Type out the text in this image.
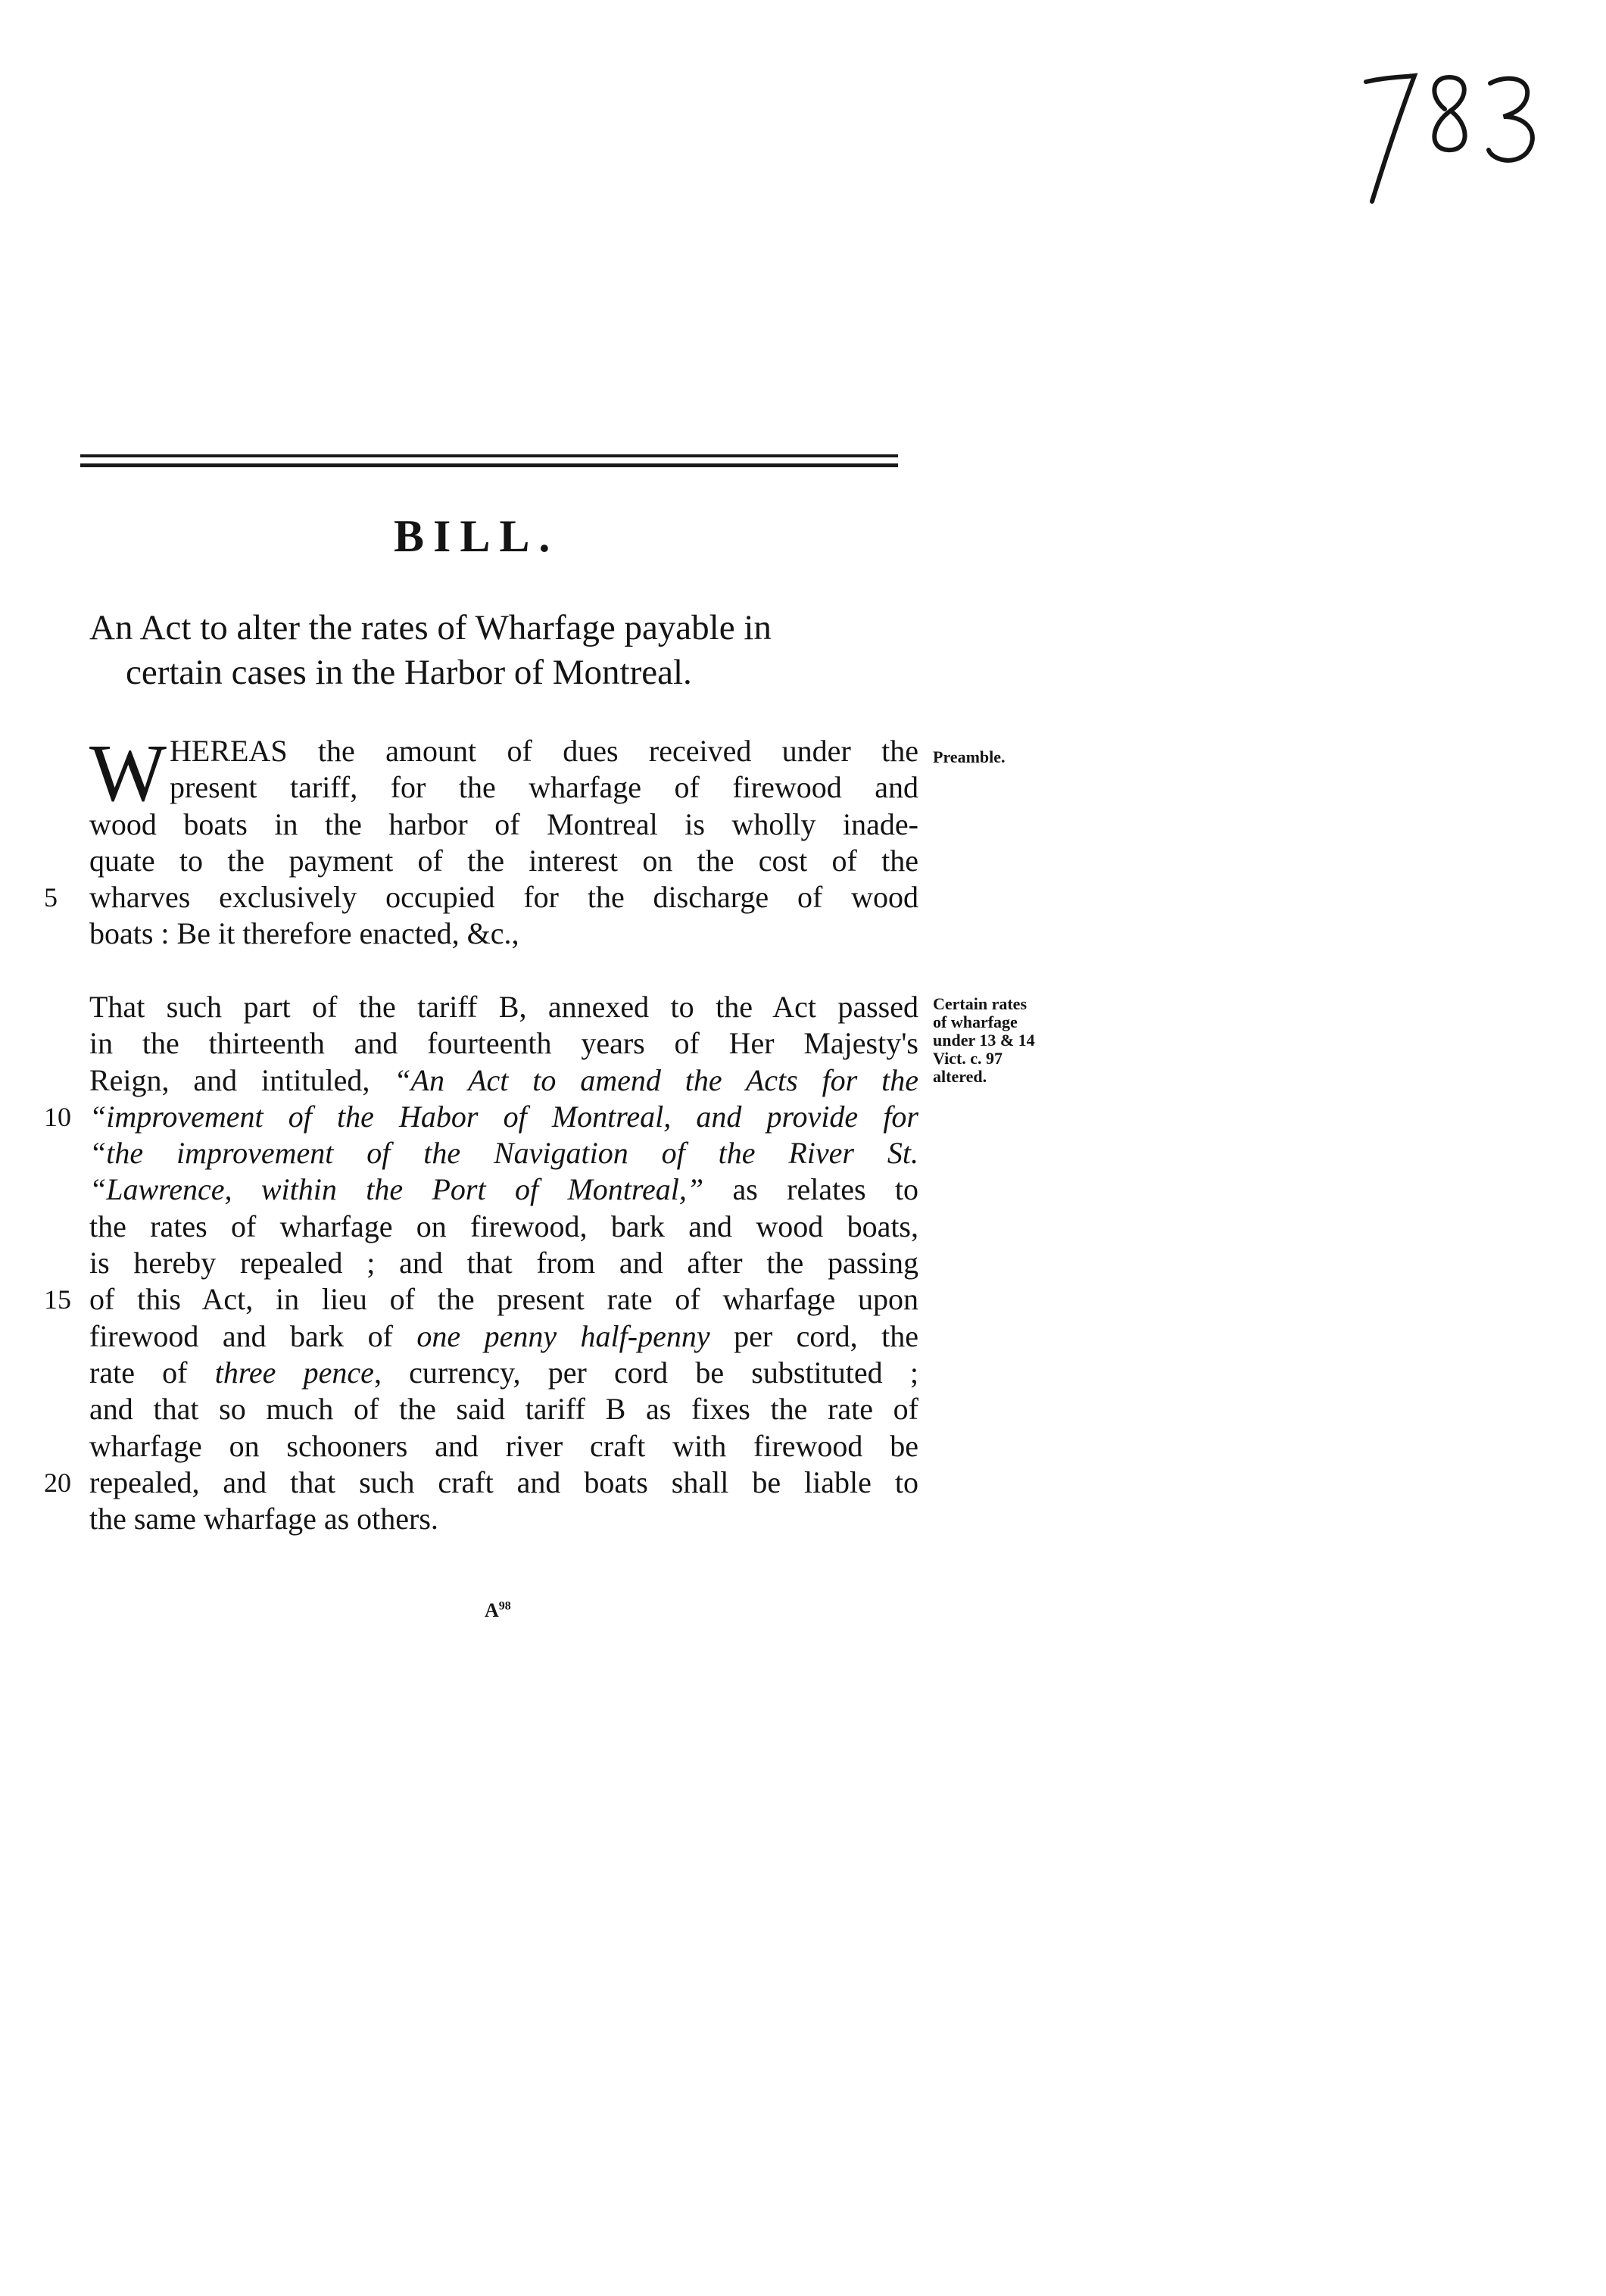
BILL.
An Act to alter the rates of Wharfage payable in
certain cases in the Harbor of Montreal.
W HEREAS the amount of dues received under the
present tariff, for the wharfage of firewood and
wood boats in the harbor of Montreal is wholly inade-
quate to the payment of the interest on the cost of the
5	wharves exclusively occupied for the discharge of wood
boats : Be it therefore enacted, &c.,
Preamble.
That such part of the tariff B, annexed to the Act passed
in the thirteenth and fourteenth years of Her Majesty's
Reign, and intituled, “An Act to amend the Acts for the
10 “improvement of the Habor of Montreal, and provide for
“the improvement of the Navigation of the River St.
“Lawrence, within the Port of Montreal,” as relates to
the rates of wharfage on firewood, bark and wood boats,
is hereby repealed ; and that from and after the passing
15 of this Act, in lieu of the present rate of wharfage upon
firewood and bark of one penny half-penny per cord, the
rate of three pence, currency, per cord be substituted ;
and that so much of the said tariff B as fixes the rate of
wharfage on schooners and river craft with firewood be
20 repealed, and that such craft and boats shall be liable to
the same wharfage as others.
Certain rates
of wharfage
under 13 & 14
Vict. c. 97
altered.
$A^{98}$
